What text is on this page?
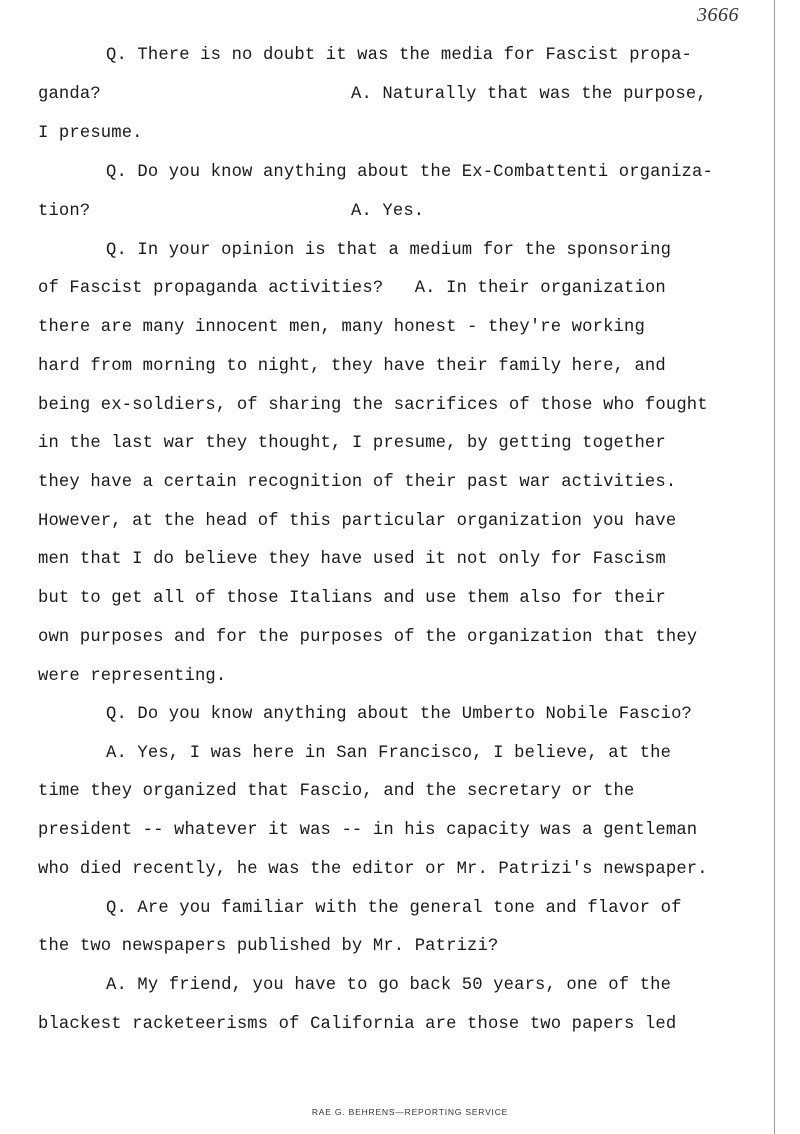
3666
Q. There is no doubt it was the media for Fascist propa-
ganda?	A. Naturally that was the purpose,
I presume.
Q. Do you know anything about the Ex-Combattenti organiza-
tion?	A. Yes.
Q. In your opinion is that a medium for the sponsoring
of Fascist propaganda activities?   A. In their organization
there are many innocent men, many honest - they're working
hard from morning to night, they have their family here, and
being ex-soldiers, of sharing the sacrifices of those who fought
in the last war they thought, I presume, by getting together
they have a certain recognition of their past war activities.
However, at the head of this particular organization you have
men that I do believe they have used it not only for Fascism
but to get all of those Italians and use them also for their
own purposes and for the purposes of the organization that they
were representing.
Q. Do you know anything about the Umberto Nobile Fascio?
A. Yes, I was here in San Francisco, I believe, at the
time they organized that Fascio, and the secretary or the
president -- whatever it was -- in his capacity was a gentleman
who died recently, he was the editor or Mr. Patrizi's newspaper.
Q. Are you familiar with the general tone and flavor of
the two newspapers published by Mr. Patrizi?
A. My friend, you have to go back 50 years, one of the
blackest racketeerisms of California are those two papers led
RAE G. BEHRENS—REPORTING SERVICE
